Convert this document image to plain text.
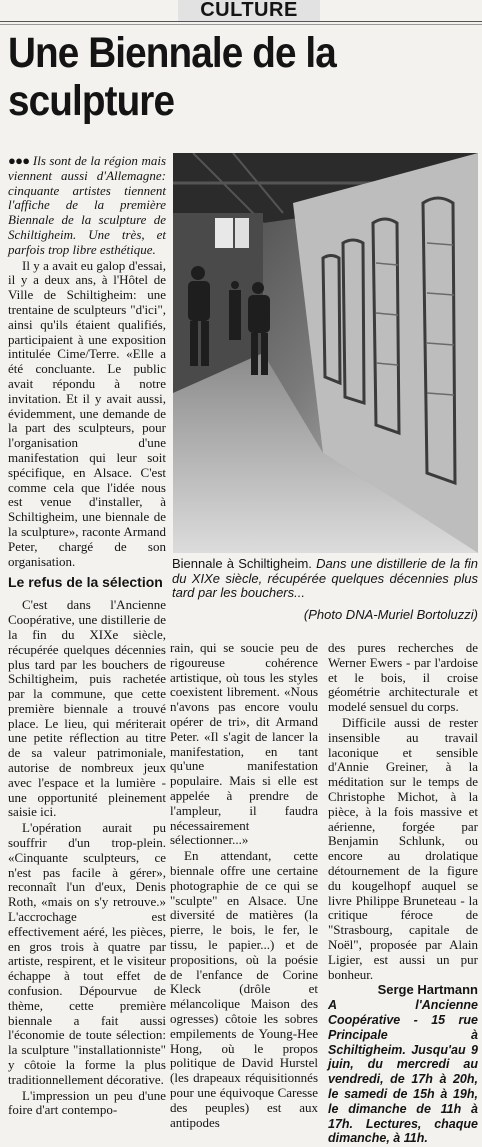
CULTURE
Une Biennale de la sculpture

●●● Ils sont de la région mais viennent aussi d'Allemagne: cinquante artistes tiennent l'affiche de la première Biennale de la sculpture de Schiltigheim. Une très, et parfois trop libre esthétique.

Il y a avait eu galop d'essai, il y a deux ans, à l'Hôtel de Ville de Schiltigheim: une trentaine de sculpteurs "d'ici", ainsi qu'ils étaient qualifiés, participaient à une exposition intitulée Cime/Terre. «Elle a été concluante. Le public avait répondu à notre invitation. Et il y avait aussi, évidemment, une demande de la part des sculpteurs, pour l'organisation d'une manifestation qui leur soit spécifique, en Alsace. C'est comme cela que l'idée nous est venue d'installer, à Schiltigheim, une biennale de la sculpture», raconte Armand Peter, chargé de son organisation.

Le refus de la sélection

C'est dans l'Ancienne Coopérative, une distillerie de la fin du XIXe siècle, récupérée quelques décennies plus tard par les bouchers de Schiltigheim, puis rachetée par la commune, que cette première biennale a trouvé place. Le lieu, qui mériterait une petite réflection au titre de sa valeur patrimoniale, autorise de nombreux jeux avec l'espace et la lumière - une opportunité pleinement saisie ici.

L'opération aurait pu souffrir d'un trop-plein. «Cinquante sculpteurs, ce n'est pas facile à gérer», reconnaît l'un d'eux, Denis Roth, «mais on s'y retrouve.» L'accrochage est effectivement aéré, les pièces, en gros trois à quatre par artiste, respirent, et le visiteur échappe à tout effet de confusion. Dépourvue de thème, cette première biennale a fait aussi l'économie de toute sélection: la sculpture "installationniste" y côtoie la forme la plus traditionnellement décorative.

L'impression un peu d'une foire d'art contempo-

Biennale à Schiltigheim. Dans une distillerie de la fin du XIXe siècle, récupérée quelques décennies plus tard par les bouchers...
(Photo DNA-Muriel Bortoluzzi)

rain, qui se soucie peu de rigoureuse cohérence artistique, où tous les styles coexistent librement. «Nous n'avons pas encore voulu opérer de tri», dit Armand Peter. «Il s'agit de lancer la manifestation, en tant qu'une manifestation populaire. Mais si elle est appelée à prendre de l'ampleur, il faudra nécessairement sélectionner...»

En attendant, cette biennale offre une certaine photographie de ce qui se "sculpte" en Alsace. Une diversité de matières (la pierre, le bois, le fer, le tissu, le papier...) et de propositions, où la poésie de l'enfance de Corine Kleck (drôle et mélancolique Maison des ogresses) côtoie les sobres empilements de Young-Hee Hong, où le propos politique de David Hurstel (les drapeaux réquisitionnés pour une équivoque Caresse des peuples) est aux antipodes

des pures recherches de Werner Ewers - par l'ardoise et le bois, il croise géométrie architecturale et modelé sensuel du corps.

Difficile aussi de rester insensible au travail laconique et sensible d'Annie Greiner, à la méditation sur le temps de Christophe Michot, à la pièce, à la fois massive et aérienne, forgée par Benjamin Schlunk, ou encore au drolatique détournement de la figure du kougelhopf auquel se livre Philippe Bruneteau - la critique féroce de "Strasbourg, capitale de Noël", proposée par Alain Ligier, est aussi un pur bonheur.

Serge Hartmann

A l'Ancienne Coopérative - 15 rue Principale à Schiltigheim. Jusqu'au 9 juin, du mercredi au vendredi, de 17h à 20h, le samedi de 15h à 19h, le dimanche de 11h à 17h. Lectures, chaque dimanche, à 11h.
